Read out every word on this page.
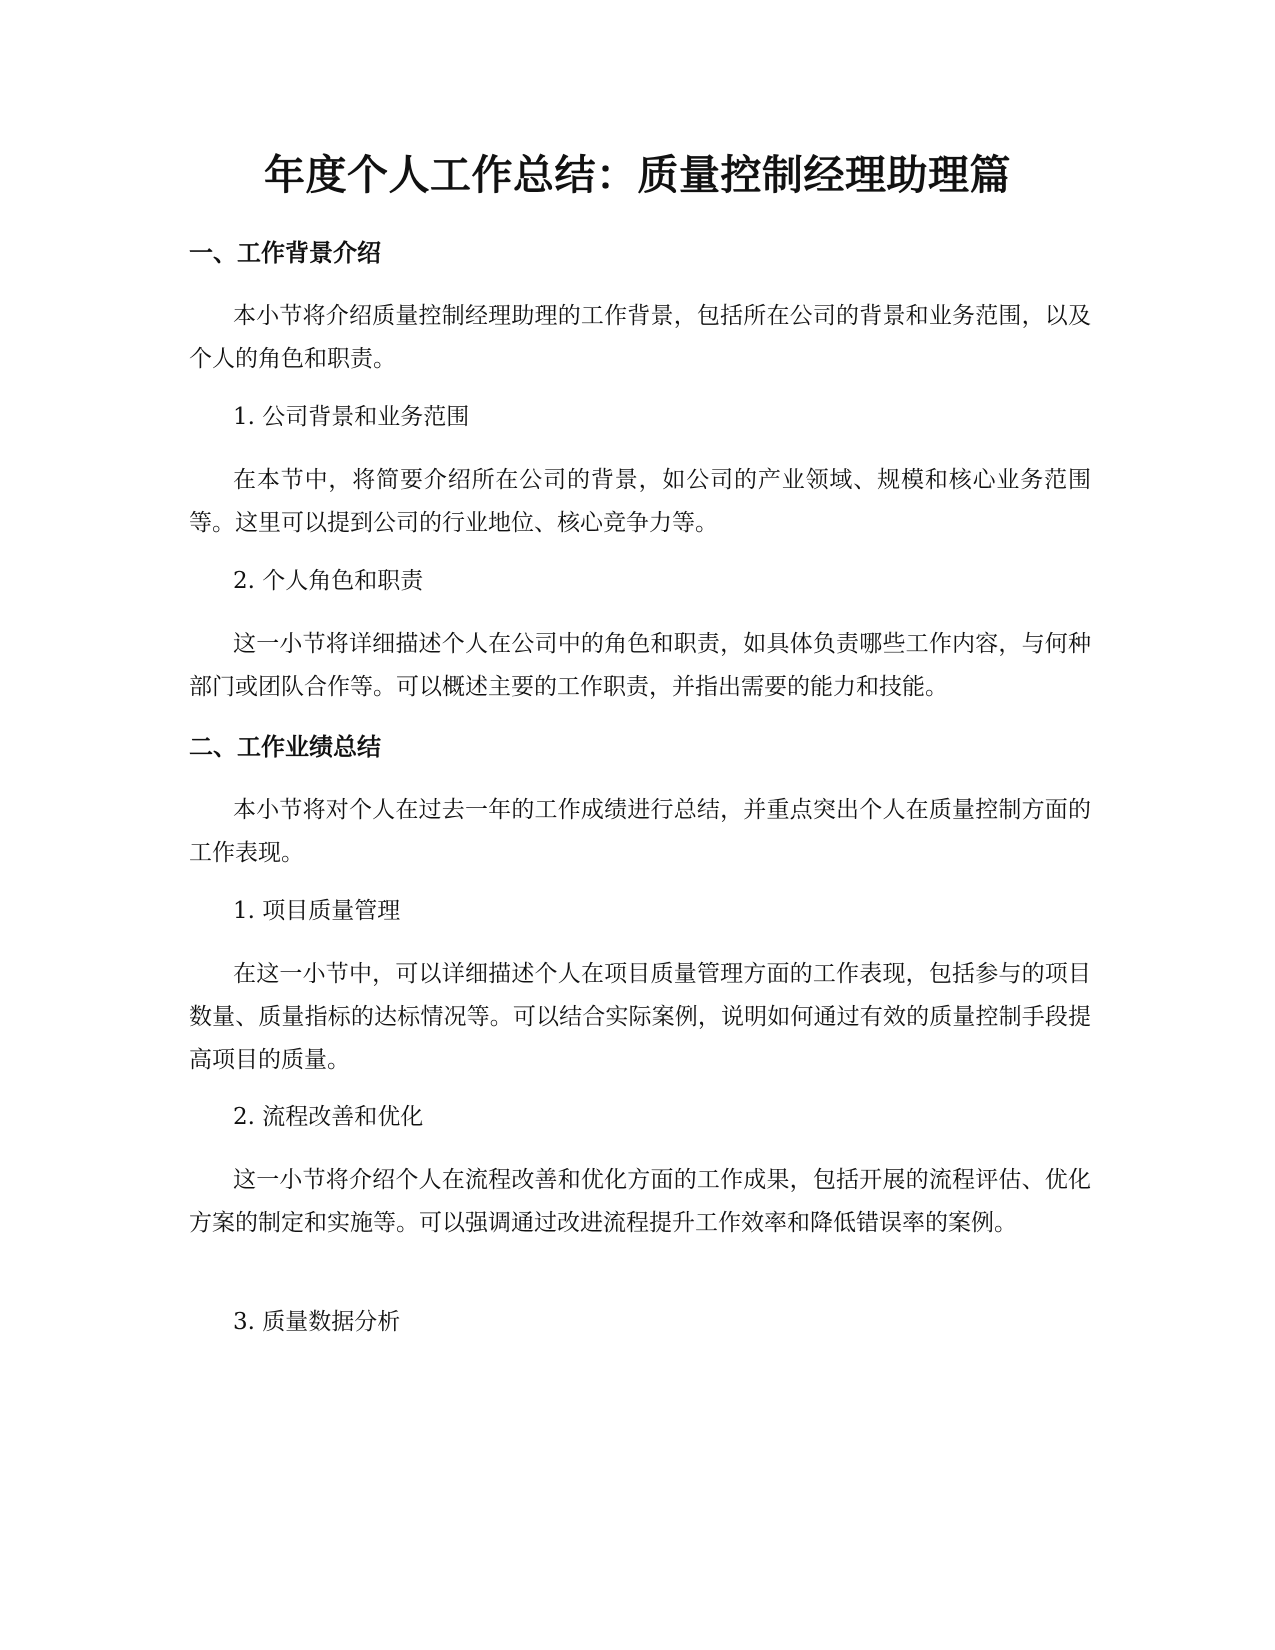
年度个人工作总结：质量控制经理助理篇
一、工作背景介绍

本小节将介绍质量控制经理助理的工作背景，包括所在公司的背景和业务范围，以及个人的角色和职责。

1. 公司背景和业务范围

在本节中，将简要介绍所在公司的背景，如公司的产业领域、规模和核心业务范围等。这里可以提到公司的行业地位、核心竞争力等。

2. 个人角色和职责

这一小节将详细描述个人在公司中的角色和职责，如具体负责哪些工作内容，与何种部门或团队合作等。可以概述主要的工作职责，并指出需要的能力和技能。

二、工作业绩总结

本小节将对个人在过去一年的工作成绩进行总结，并重点突出个人在质量控制方面的工作表现。

1. 项目质量管理

在这一小节中，可以详细描述个人在项目质量管理方面的工作表现，包括参与的项目数量、质量指标的达标情况等。可以结合实际案例，说明如何通过有效的质量控制手段提高项目的质量。

2. 流程改善和优化

这一小节将介绍个人在流程改善和优化方面的工作成果，包括开展的流程评估、优化方案的制定和实施等。可以强调通过改进流程提升工作效率和降低错误率的案例。

3. 质量数据分析
